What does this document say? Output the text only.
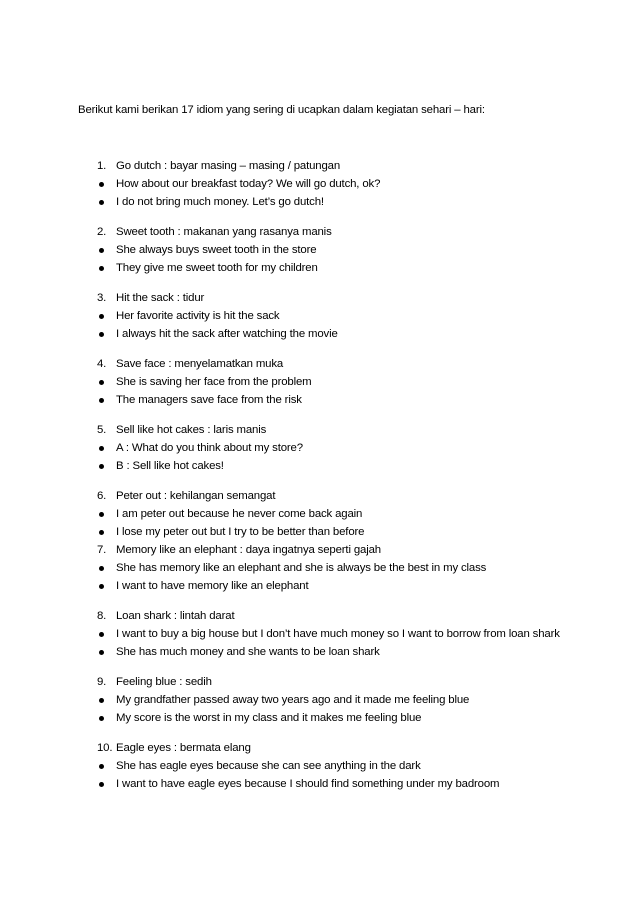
Berikut kami berikan 17 idiom yang sering di ucapkan dalam kegiatan sehari – hari:
1. Go dutch : bayar masing – masing / patungan
How about our breakfast today? We will go dutch, ok?
I do not bring much money. Let’s go dutch!
2. Sweet tooth : makanan yang rasanya manis
She always buys sweet tooth in the store
They give me sweet tooth for my children
3. Hit the sack : tidur
Her favorite activity is hit the sack
I always hit the sack after watching the movie
4. Save face : menyelamatkan muka
She is saving her face from the problem
The managers save face from the risk
5. Sell like hot cakes : laris manis
A : What do you think about my store?
B : Sell like hot cakes!
6. Peter out : kehilangan semangat
I am peter out because he never come back again
I lose my peter out but I try to be better than before
7. Memory like an elephant : daya ingatnya seperti gajah
She has memory like an elephant and she is always be the best in my class
I want to have memory like an elephant
8. Loan shark : lintah darat
I want to buy a big house but I don’t have much money so I want to borrow from loan shark
She has much money and she wants to be loan shark
9. Feeling blue : sedih
My grandfather passed away two years ago and it made me feeling blue
My score is the worst in my class and it makes me feeling blue
10. Eagle eyes : bermata elang
She has eagle eyes because she can see anything in the dark
I want to have eagle eyes because I should find something under my badroom
